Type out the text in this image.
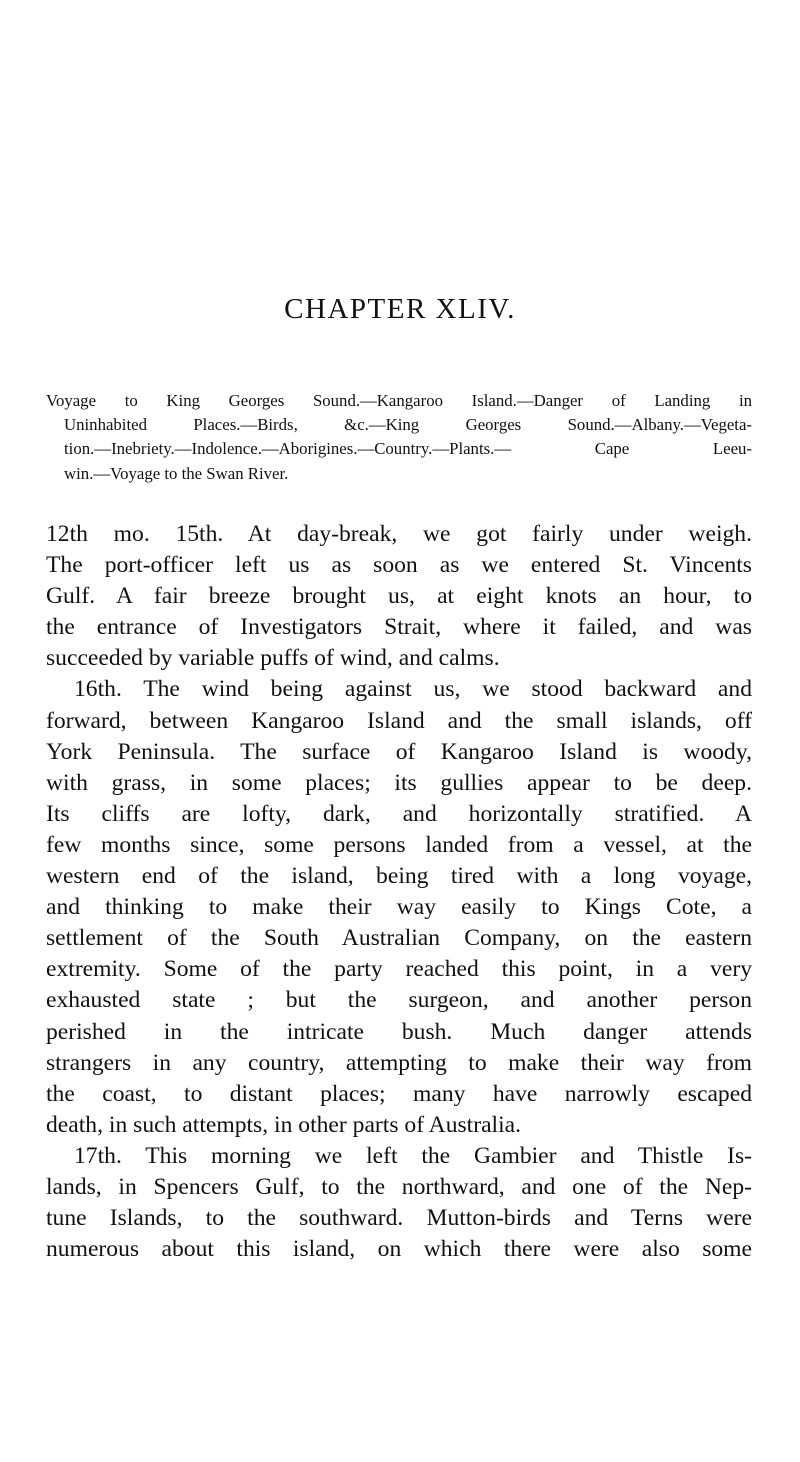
CHAPTER XLIV.
Voyage to King Georges Sound.—Kangaroo Island.—Danger of Landing in
Uninhabited Places.—Birds, &c.—King Georges Sound.—Albany.—Vegeta-
tion.—Inebriety.—Indolence.—Aborigines.—Country.—Plants.— Cape Leeu-
win.—Voyage to the Swan River.
12th mo. 15th. At day-break, we got fairly under weigh.
The port-officer left us as soon as we entered St. Vincents
Gulf. A fair breeze brought us, at eight knots an hour, to
the entrance of Investigators Strait, where it failed, and was
succeeded by variable puffs of wind, and calms.
16th. The wind being against us, we stood backward and
forward, between Kangaroo Island and the small islands, off
York Peninsula. The surface of Kangaroo Island is woody,
with grass, in some places; its gullies appear to be deep.
Its cliffs are lofty, dark, and horizontally stratified. A
few months since, some persons landed from a vessel, at the
western end of the island, being tired with a long voyage,
and thinking to make their way easily to Kings Cote, a
settlement of the South Australian Company, on the eastern
extremity. Some of the party reached this point, in a very
exhausted state ; but the surgeon, and another person
perished in the intricate bush. Much danger attends
strangers in any country, attempting to make their way from
the coast, to distant places; many have narrowly escaped
death, in such attempts, in other parts of Australia.
17th. This morning we left the Gambier and Thistle Is-
lands, in Spencers Gulf, to the northward, and one of the Nep-
tune Islands, to the southward. Mutton-birds and Terns were
numerous about this island, on which there were also some
